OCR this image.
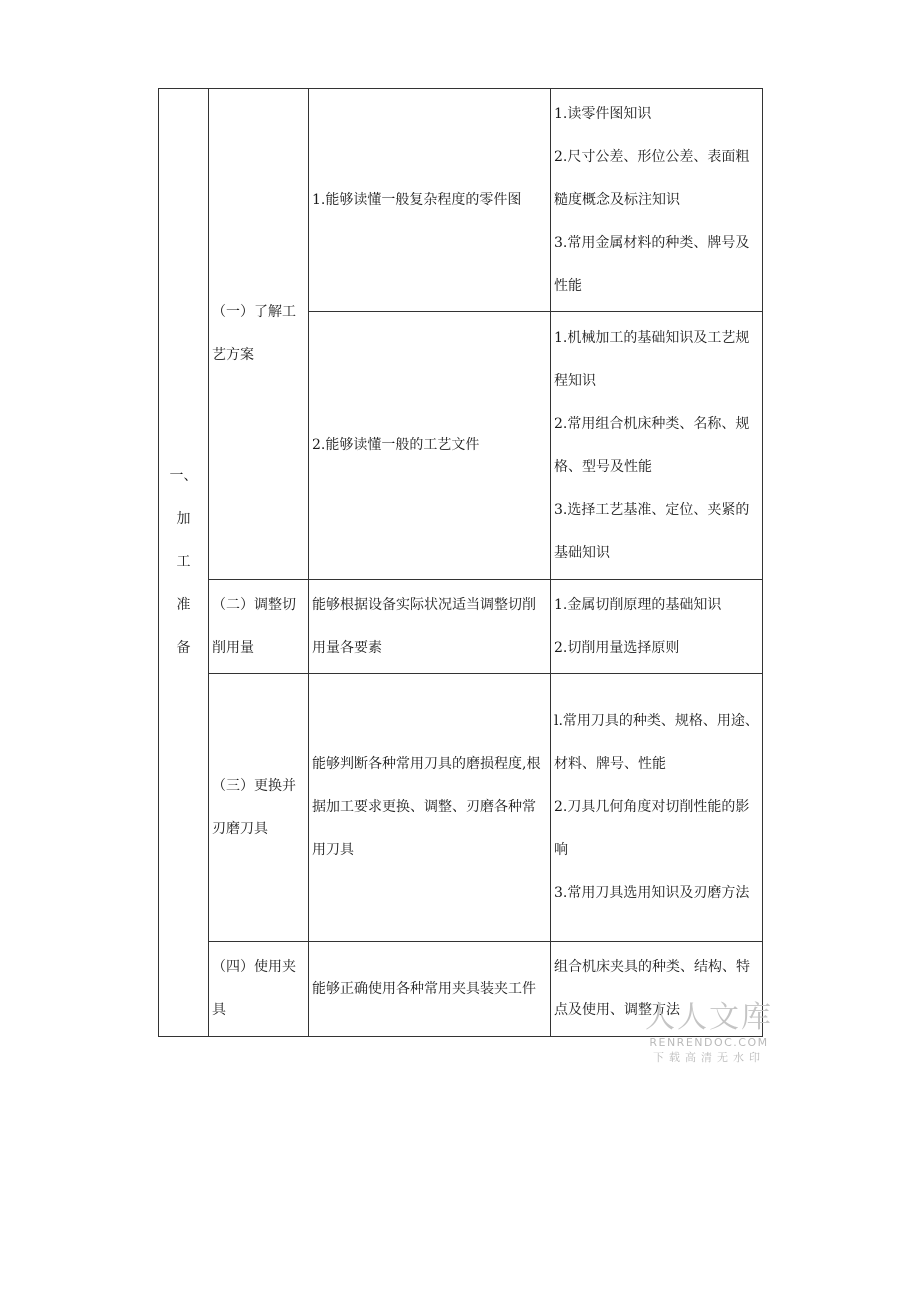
一、
加
工
准
备	（一）了解工艺方案	1.能够读懂一般复杂程度的零件图	1.读零件图知识
2.尺寸公差、形位公差、表面粗糙度概念及标注知识
3.常用金属材料的种类、牌号及性能

		2.能够读懂一般的工艺文件	1.机械加工的基础知识及工艺规程知识
2.常用组合机床种类、名称、规格、型号及性能
3.选择工艺基准、定位、夹紧的基础知识

	（二）调整切削用量	能够根据设备实际状况适当调整切削用量各要素	1.金属切削原理的基础知识
2.切削用量选择原则

	（三）更换并刃磨刀具	能够判断各种常用刀具的磨损程度,根据加工要求更换、调整、刃磨各种常用刀具	l.常用刀具的种类、规格、用途、材料、牌号、性能
2.刀具几何角度对切削性能的影响
3.常用刀具选用知识及刃磨方法

	（四）使用夹具	能够正确使用各种常用夹具装夹工件	组合机床夹具的种类、结构、特点及使用、调整方法
人人文库
RENRENDOC.COM
下载高清无水印
